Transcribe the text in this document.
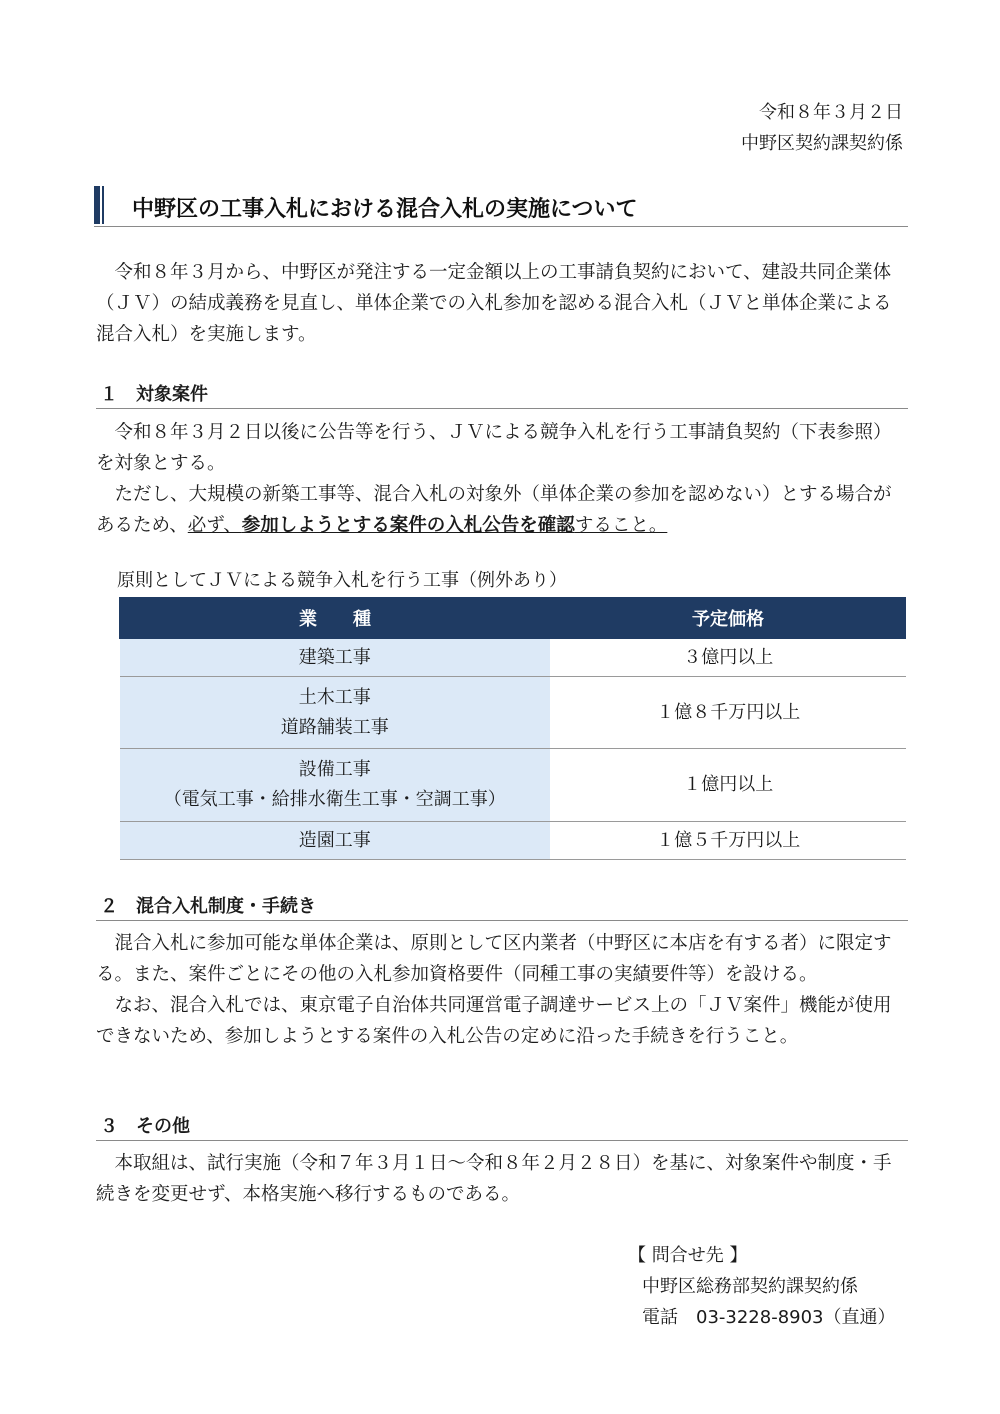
令和８年３月２日
中野区契約課契約係
中野区の工事入札における混合入札の実施について

令和８年３月から、中野区が発注する一定金額以上の工事請負契約において、建設共同企業体（ＪＶ）の結成義務を見直し、単体企業での入札参加を認める混合入札（ＪＶと単体企業による混合入札）を実施します。

１ 対象案件

令和８年３月２日以後に公告等を行う、ＪＶによる競争入札を行う工事請負契約（下表参照）を対象とする。

ただし、大規模の新築工事等、混合入札の対象外（単体企業の参加を認めない）とする場合があるため、必ず、参加しようとする案件の入札公告を確認すること。

原則としてＪＶによる競争入札を行う工事（例外あり）
業　　種	予定価格
建築工事	３億円以上

土木工事
道路舗装工事	１億８千万円以上

設備工事
（電気工事・給排水衛生工事・空調工事）	１億円以上
造園工事	１億５千万円以上
２ 混合入札制度・手続き

混合入札に参加可能な単体企業は、原則として区内業者（中野区に本店を有する者）に限定する。また、案件ごとにその他の入札参加資格要件（同種工事の実績要件等）を設ける。

なお、混合入札では、東京電子自治体共同運営電子調達サービス上の「ＪＶ案件」機能が使用できないため、参加しようとする案件の入札公告の定めに沿った手続きを行うこと。

３ その他

本取組は、試行実施（令和７年３月１日～令和８年２月２８日）を基に、対象案件や制度・手続きを変更せず、本格実施へ移行するものである。

【 問合せ先 】
中野区総務部契約課契約係
電話　03-3228-8903（直通）
